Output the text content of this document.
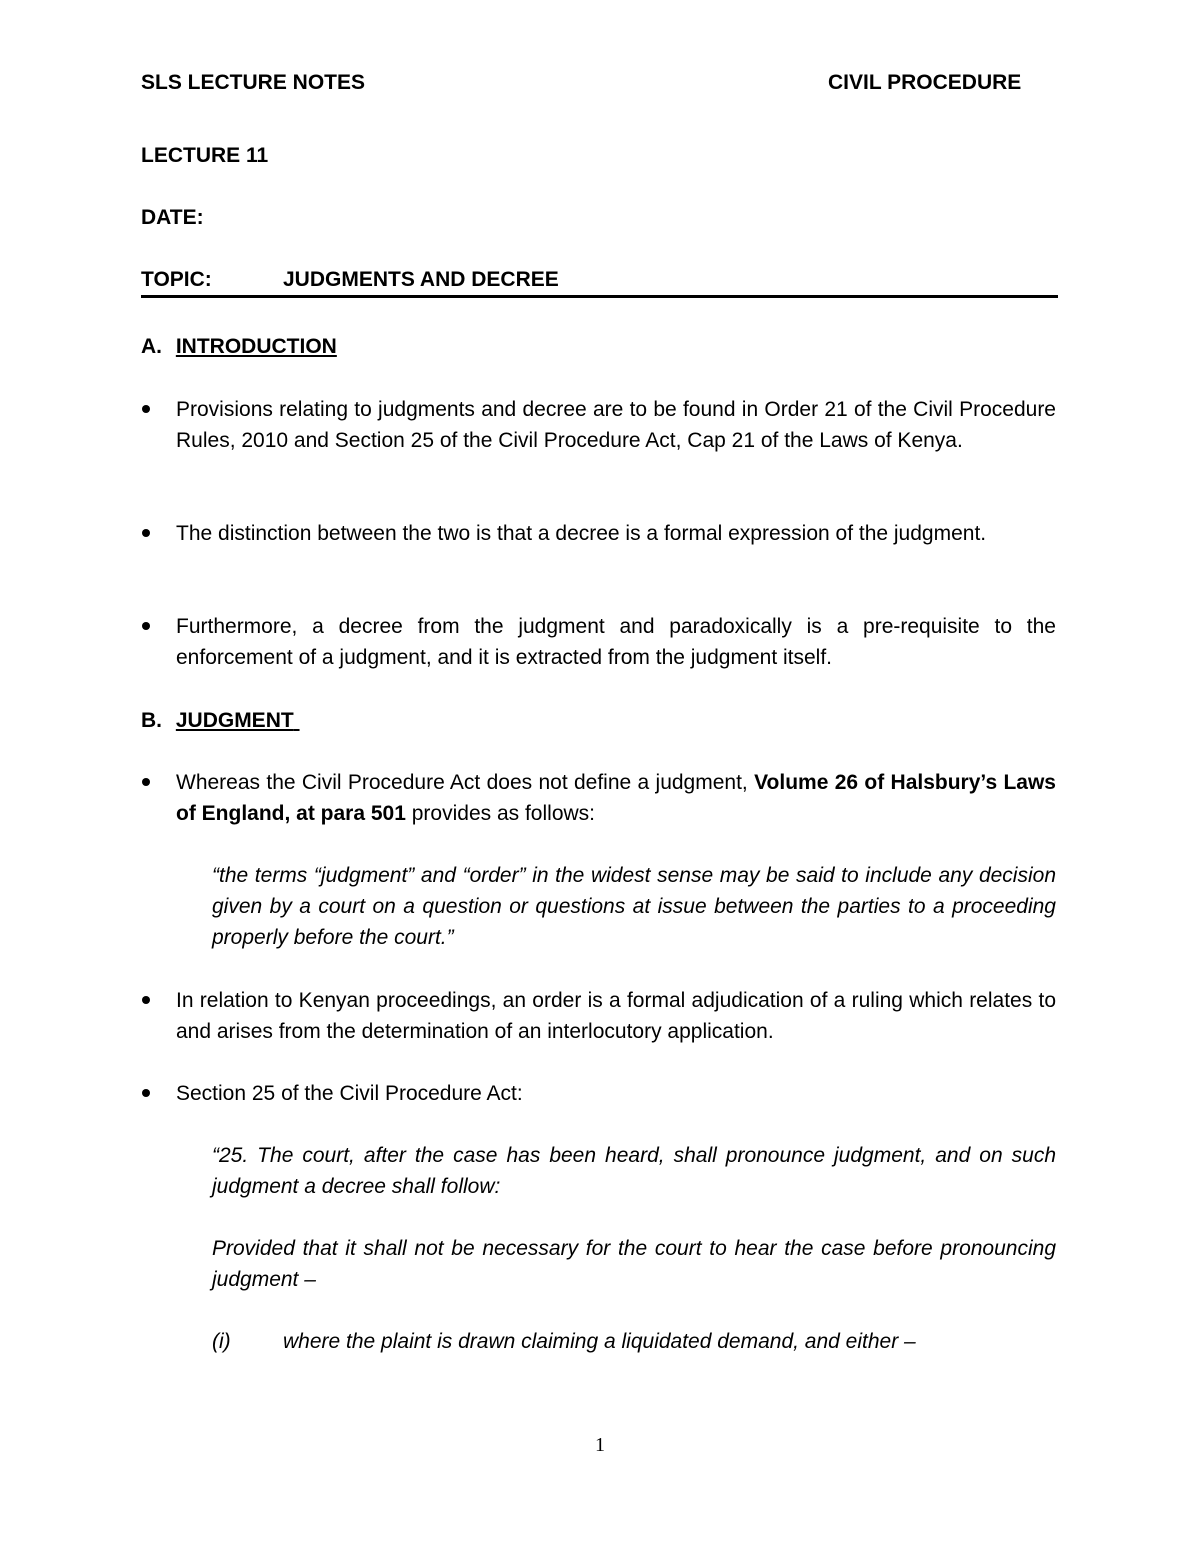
SLS LECTURE NOTES	CIVIL PROCEDURE
LECTURE 11
DATE:
TOPIC:	JUDGMENTS AND DECREE
A. INTRODUCTION
Provisions relating to judgments and decree are to be found in Order 21 of the Civil Procedure Rules, 2010 and Section 25 of the Civil Procedure Act, Cap 21 of the Laws of Kenya.
The distinction between the two is that a decree is a formal expression of the judgment.
Furthermore, a decree from the judgment and paradoxically is a pre-requisite to the enforcement of a judgment, and it is extracted from the judgment itself.
B. JUDGMENT
Whereas the Civil Procedure Act does not define a judgment, Volume 26 of Halsbury’s Laws of England, at para 501 provides as follows:
“the terms “judgment” and “order” in the widest sense may be said to include any decision given by a court on a question or questions at issue between the parties to a proceeding properly before the court.”
In relation to Kenyan proceedings, an order is a formal adjudication of a ruling which relates to and arises from the determination of an interlocutory application.
Section 25 of the Civil Procedure Act:
“25. The court, after the case has been heard, shall pronounce judgment, and on such judgment a decree shall follow:
Provided that it shall not be necessary for the court to hear the case before pronouncing judgment –
(i) where the plaint is drawn claiming a liquidated demand, and either –
1
